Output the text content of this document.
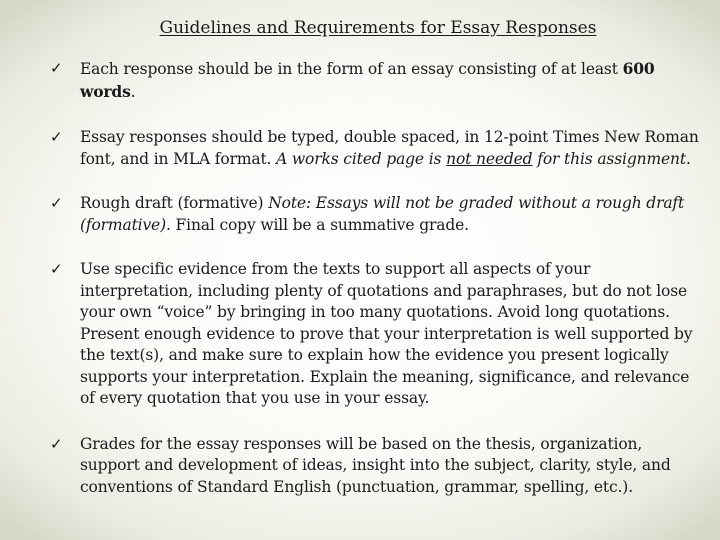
Guidelines and Requirements for Essay Responses
✓ Each response should be in the form of an essay consisting of at least 600 words.
✓ Essay responses should be typed, double spaced, in 12-point Times New Roman font, and in MLA format. A works cited page is not needed for this assignment.
✓ Rough draft (formative) Note: Essays will not be graded without a rough draft (formative). Final copy will be a summative grade.
✓ Use specific evidence from the texts to support all aspects of your interpretation, including plenty of quotations and paraphrases, but do not lose your own “voice” by bringing in too many quotations. Avoid long quotations. Present enough evidence to prove that your interpretation is well supported by the text(s), and make sure to explain how the evidence you present logically supports your interpretation. Explain the meaning, significance, and relevance of every quotation that you use in your essay.
✓ Grades for the essay responses will be based on the thesis, organization, support and development of ideas, insight into the subject, clarity, style, and conventions of Standard English (punctuation, grammar, spelling, etc.).
